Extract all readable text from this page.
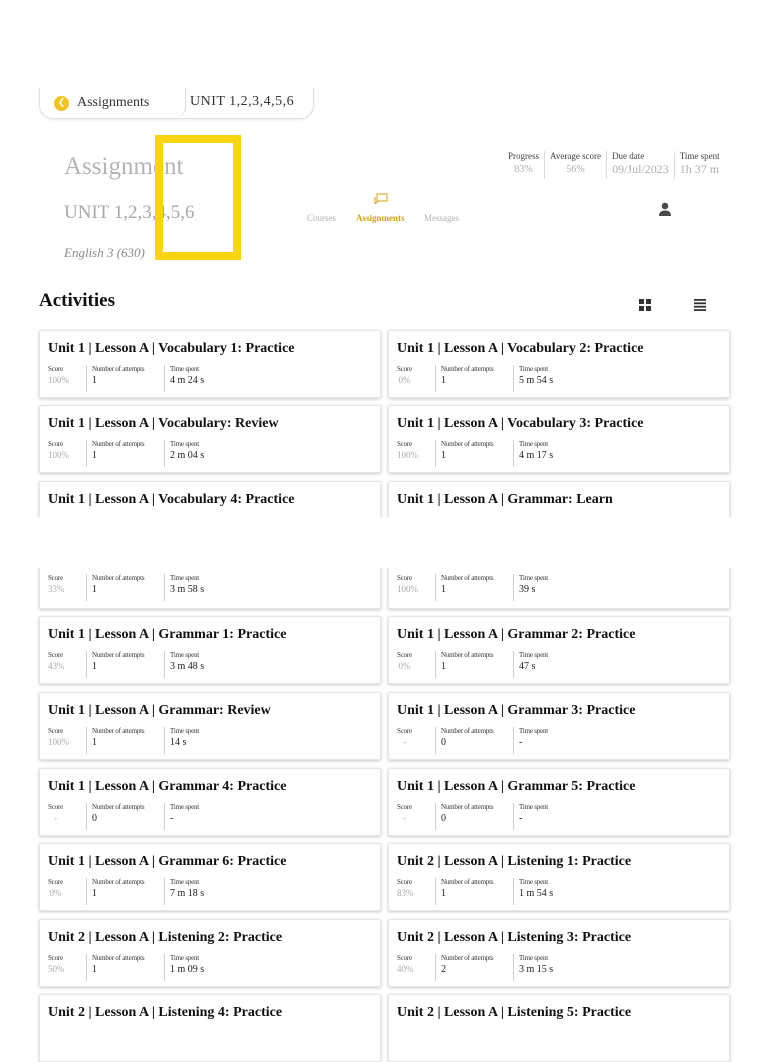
❮ Assignments	UNIT 1,2,3,4,5,6
Assignment
UNIT 1,2,3,4,5,6
English 3 (630)
Progress
83%
Average score
56%
Due date
09/Jul/2023
Time spent
1h 37 m
Courses Assignments Messages
Activities
Unit 1 | Lesson A | Vocabulary 1: Practice
Score
100%
Number of attempts
1
Time spent
4 m 24 s
Unit 1 | Lesson A | Vocabulary 2: Practice
Score
0%
Number of attempts
1
Time spent
5 m 54 s
Unit 1 | Lesson A | Vocabulary: Review
Score
100%
Number of attempts
1
Time spent
2 m 04 s
Unit 1 | Lesson A | Vocabulary 3: Practice
Score
100%
Number of attempts
1
Time spent
4 m 17 s
Unit 1 | Lesson A | Vocabulary 4: Practice
Score
33%
Number of attempts
1
Time spent
3 m 58 s
Unit 1 | Lesson A | Grammar: Learn
Score
100%
Number of attempts
1
Time spent
39 s
Unit 1 | Lesson A | Grammar 1: Practice
Score
43%
Number of attempts
1
Time spent
3 m 48 s
Unit 1 | Lesson A | Grammar 2: Practice
Score
0%
Number of attempts
1
Time spent
47 s
Unit 1 | Lesson A | Grammar: Review
Score
100%
Number of attempts
1
Time spent
14 s
Unit 1 | Lesson A | Grammar 3: Practice
Score
-
Number of attempts
0
Time spent
-
Unit 1 | Lesson A | Grammar 4: Practice
Score
-
Number of attempts
0
Time spent
-
Unit 1 | Lesson A | Grammar 5: Practice
Score
-
Number of attempts
0
Time spent
-
Unit 1 | Lesson A | Grammar 6: Practice
Score
0%
Number of attempts
1
Time spent
7 m 18 s
Unit 2 | Lesson A | Listening 1: Practice
Score
83%
Number of attempts
1
Time spent
1 m 54 s
Unit 2 | Lesson A | Listening 2: Practice
Score
50%
Number of attempts
1
Time spent
1 m 09 s
Unit 2 | Lesson A | Listening 3: Practice
Score
40%
Number of attempts
2
Time spent
3 m 15 s
Unit 2 | Lesson A | Listening 4: Practice	Unit 2 | Lesson A | Listening 5: Practice
